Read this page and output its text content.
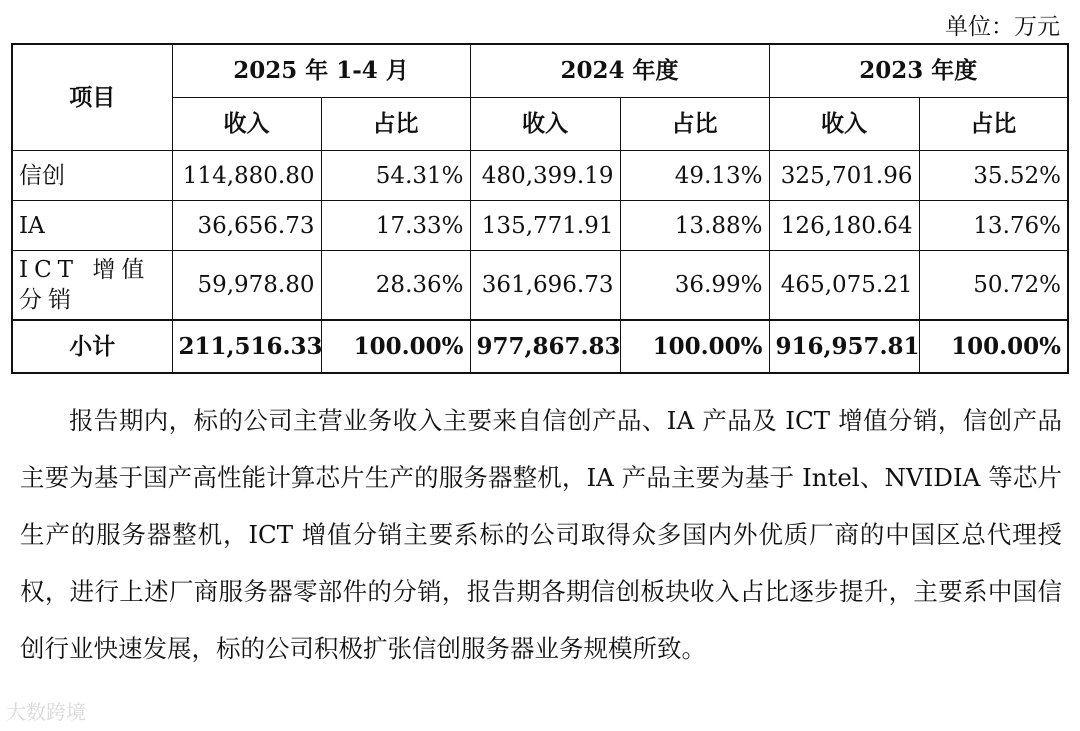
单位：万元
项目	2025 年 1-4 月		2024 年度		2023 年度	
	收入	占比	收入	占比	收入	占比
信创	114,880.80	54.31%	480,399.19	49.13%	325,701.96	35.52%
IA	36,656.73	17.33%	135,771.91	13.88%	126,180.64	13.76%

ICT 增值分销	59,978.80	28.36%	361,696.73	36.99%	465,075.21	50.72%
小计	211,516.33	100.00%	977,867.83	100.00%	916,957.81	100.00%
报告期内，标的公司主营业务收入主要来自信创产品、IA 产品及 ICT 增值分销，信创产品主要为基于国产高性能计算芯片生产的服务器整机，IA 产品主要为基于 Intel、NVIDIA 等芯片生产的服务器整机，ICT 增值分销主要系标的公司取得众多国内外优质厂商的中国区总代理授权，进行上述厂商服务器零部件的分销，报告期各期信创板块收入占比逐步提升，主要系中国信创行业快速发展，标的公司积极扩张信创服务器业务规模所致。
大数跨境
